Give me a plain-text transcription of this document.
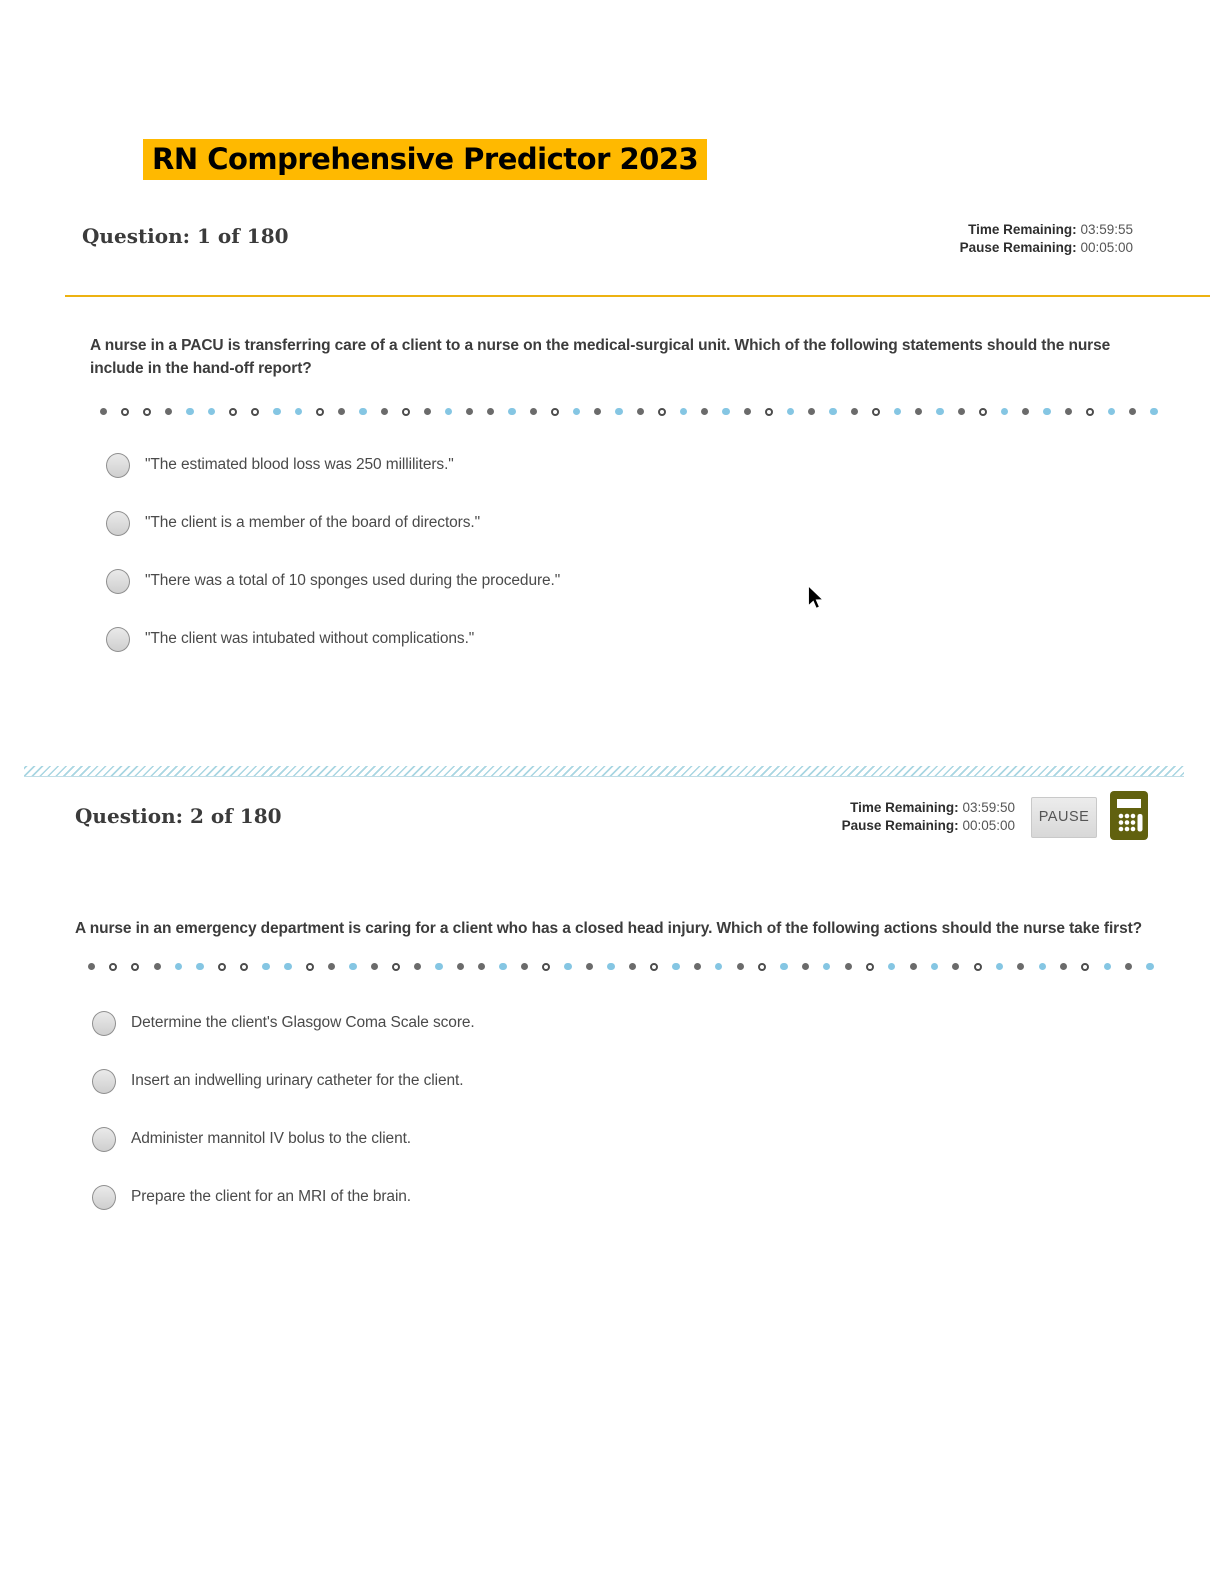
RN Comprehensive Predictor 2023
Question: 1 of 180	Time Remaining: 03:59:55
Pause Remaining: 00:05:00
A nurse in a PACU is transferring care of a client to a nurse on the medical-surgical unit. Which of the following statements should the nurse include in the hand-off report?
"The estimated blood loss was 250 milliliters."
"The client is a member of the board of directors."
"There was a total of 10 sponges used during the procedure."
"The client was intubated without complications."
Question: 2 of 180	Time Remaining: 03:59:50
Pause Remaining: 00:05:00	PAUSE
A nurse in an emergency department is caring for a client who has a closed head injury. Which of the following actions should the nurse take first?
Determine the client's Glasgow Coma Scale score.
Insert an indwelling urinary catheter for the client.
Administer mannitol IV bolus to the client.
Prepare the client for an MRI of the brain.
